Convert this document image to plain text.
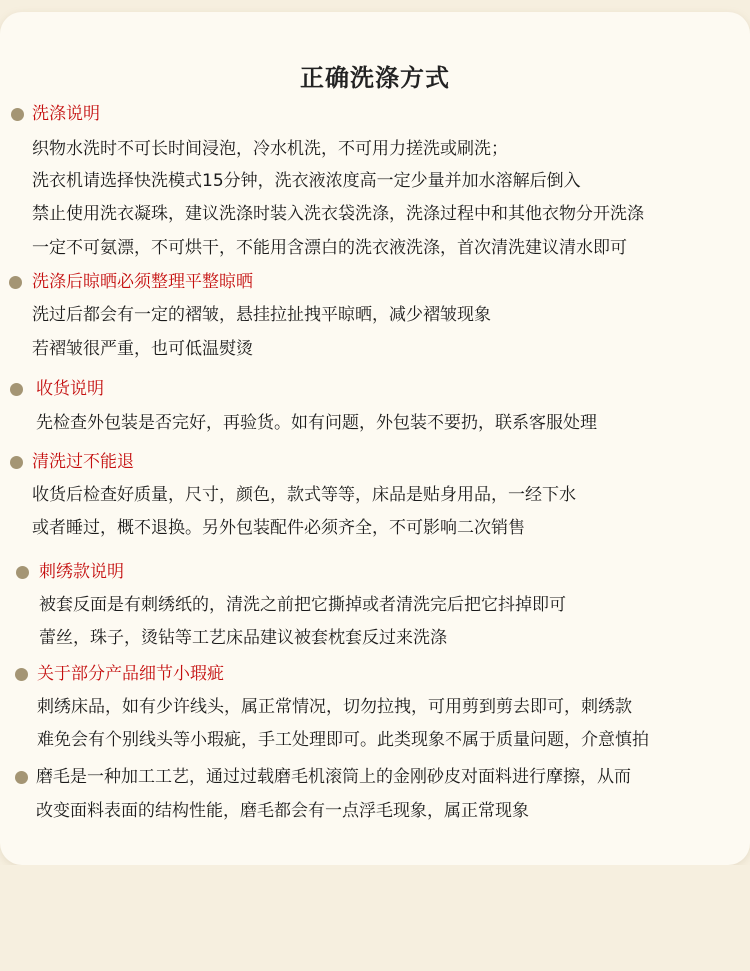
正确洗涤方式
洗涤说明
织物水洗时不可长时间浸泡，冷水机洗，不可用力搓洗或刷洗；
洗衣机请选择快洗模式15分钟，洗衣液浓度高一定少量并加水溶解后倒入
禁止使用洗衣凝珠，建议洗涤时装入洗衣袋洗涤，洗涤过程中和其他衣物分开洗涤
一定不可氨漂，不可烘干，不能用含漂白的洗衣液洗涤，首次清洗建议清水即可
洗涤后晾晒必须整理平整晾晒
洗过后都会有一定的褶皱，悬挂拉扯拽平晾晒，减少褶皱现象
若褶皱很严重，也可低温熨烫
收货说明
先检查外包装是否完好，再验货。如有问题，外包装不要扔，联系客服处理
清洗过不能退
收货后检查好质量，尺寸，颜色，款式等等，床品是贴身用品，一经下水
或者睡过，概不退换。另外包装配件必须齐全，不可影响二次销售
刺绣款说明
被套反面是有刺绣纸的，清洗之前把它撕掉或者清洗完后把它抖掉即可
蕾丝，珠子，烫钻等工艺床品建议被套枕套反过来洗涤
关于部分产品细节小瑕疵
刺绣床品，如有少许线头，属正常情况，切勿拉拽，可用剪到剪去即可，刺绣款
难免会有个别线头等小瑕疵，手工处理即可。此类现象不属于质量问题，介意慎拍
磨毛是一种加工工艺，通过过载磨毛机滚筒上的金刚砂皮对面料进行摩擦，从而
改变面料表面的结构性能，磨毛都会有一点浮毛现象，属正常现象
